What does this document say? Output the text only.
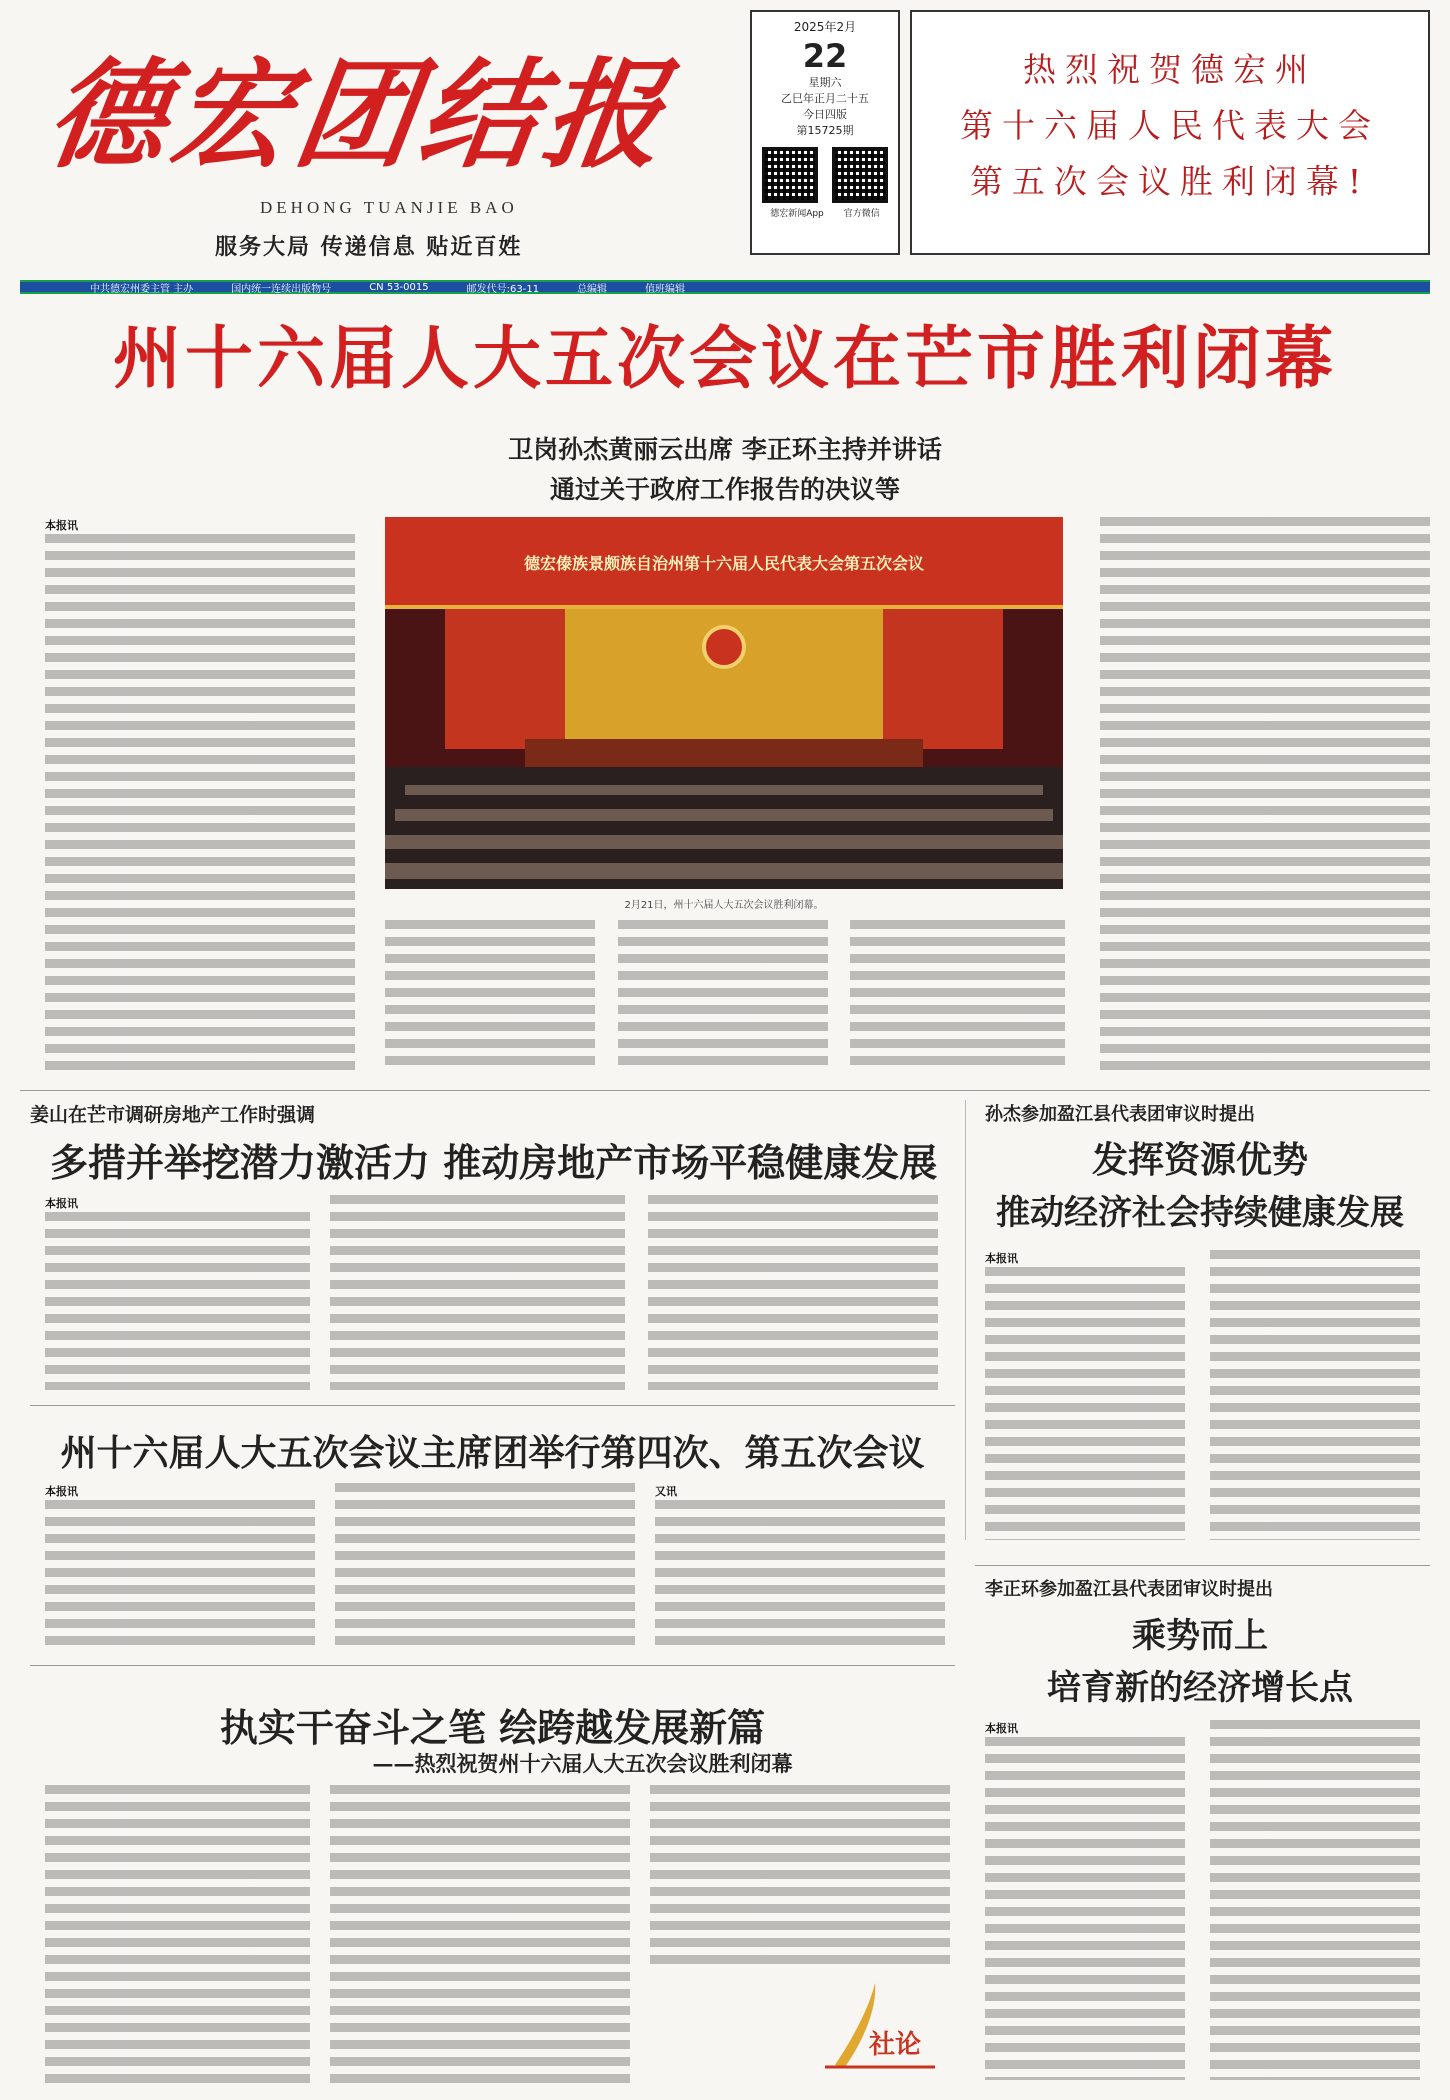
德宏团结报
DEHONG TUANJIE BAO
服务大局 传递信息 贴近百姓
2025年2月
22
星期六
乙巳年正月二十五
今日四版
第15725期
德宏新闻App 官方微信
热烈祝贺德宏州
第十六届人民代表大会
第五次会议胜利闭幕!
中共德宏州委主管 主办	国内统一连续出版物号	CN 53-0015	邮发代号:63-11	总编辑	值班编辑
州十六届人大五次会议在芒市胜利闭幕
卫岗孙杰黄丽云出席 李正环主持并讲话
通过关于政府工作报告的决议等
本报讯
德宏傣族景颇族自治州第十六届人民代表大会第五次会议
2月21日，州十六届人大五次会议胜利闭幕。
姜山在芒市调研房地产工作时强调
多措并举挖潜力激活力 推动房地产市场平稳健康发展
本报讯
孙杰参加盈江县代表团审议时提出
发挥资源优势
推动经济社会持续健康发展
本报讯
州十六届人大五次会议主席团举行第四次、第五次会议
本报讯	又讯
李正环参加盈江县代表团审议时提出
乘势而上
培育新的经济增长点
本报讯
执实干奋斗之笔 绘跨越发展新篇
——热烈祝贺州十六届人大五次会议胜利闭幕
社论
